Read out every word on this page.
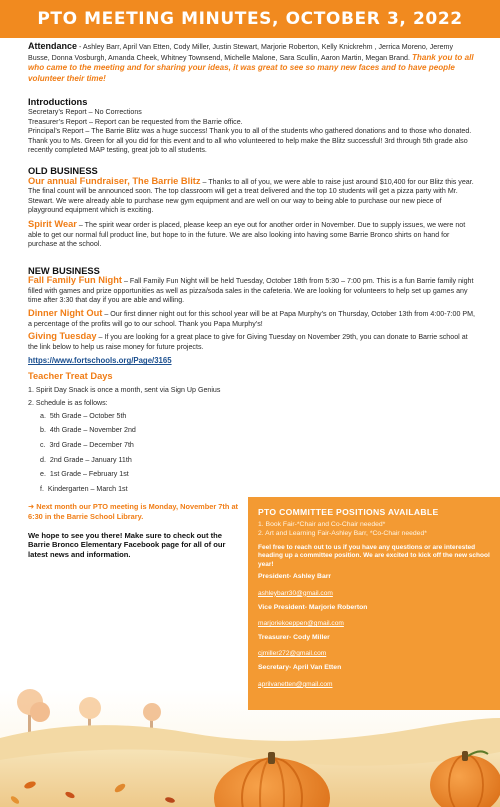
PTO MEETING MINUTES, OCTOBER 3, 2022

Attendance - Ashley Barr, April Van Etten, Cody Miller, Justin Stewart, Marjorie Roberton, Kelly Knickrehm , Jerrica Moreno, Jeremy Busse, Donna Vosburgh, Amanda Cheek, Whitney Townsend, Michelle Malone, Sara Scullin, Aaron Martin, Megan Brand. Thank you to all who came to the meeting and for sharing your ideas, it was great to see so many new faces and to have people volunteer their time!

Introductions

Secretary’s Report – No Corrections

Treasurer’s Report – Report can be requested from the Barrie office.

Principal’s Report – The Barrie Blitz was a huge success! Thank you to all of the students who gathered donations and to those who donated. Thank you to Ms. Green for all you did for this event and to all who volunteered to help make the Blitz successful! 3rd through 5th grade also recently completed MAP testing, great job to all students.

OLD BUSINESS

Our annual Fundraiser, The Barrie Blitz – Thanks to all of you, we were able to raise just around $10,400 for our Blitz this year. The final count will be announced soon. The top classroom will get a treat delivered and the top 10 students will get a pizza party with Mr. Stewart. We were already able to purchase new gym equipment and are well on our way to being able to purchase our new piece of playground equipment which is exciting.

Spirit Wear – The spirit wear order is placed, please keep an eye out for another order in November. Due to supply issues, we were not able to get our normal full product line, but hope to in the future. We are also looking into having some Barrie Bronco shirts on hand for purchase at the school.

NEW BUSINESS

Fall Family Fun Night – Fall Family Fun Night will be held Tuesday, October 18th from 5:30 – 7:00 pm. This is a fun Barrie family night filled with games and prize opportunities as well as pizza/soda sales in the cafeteria. We are looking for volunteers to help set up games any time after 3:30 that day if you are able and willing.

Dinner Night Out – Our first dinner night out for this school year will be at Papa Murphy’s on Thursday, October 13th from 4:00-7:00 PM, a percentage of the profits will go to our school. Thank you Papa Murphy’s!

Giving Tuesday – If you are looking for a great place to give for Giving Tuesday on November 29th, you can donate to Barrie school at the link below to help us raise money for future projects.

https://www.fortschools.org/Page/3165

Teacher Treat Days

1. Spirit Day Snack is once a month, sent via Sign Up Genius

2. Schedule is as follows:

a. 5th Grade – October 5th
b. 4th Grade – November 2nd
c. 3rd Grade – December 7th
d. 2nd Grade – January 11th
e. 1st Grade – February 1st
f. Kindergarten – March 1st

➜ Next month our PTO meeting is Monday, November 7th at 6:30 in the Barrie School Library.

We hope to see you there! Make sure to check out the Barrie Bronco Elementary Facebook page for all of our latest news and information.

PTO COMMITTEE POSITIONS AVAILABLE

1. Book Fair-*Chair and Co-Chair needed*

2. Art and Learning Fair-Ashley Barr, *Co-Chair needed*

Feel free to reach out to us if you have any questions or are interested heading up a committee position. We are excited to kick off the new school year!

President- Ashley Barr

ashleybarr30@gmail.com

Vice President- Marjorie Roberton

marjoriekoeppen@gmail.com

Treasurer- Cody Miller

cjmiller272@gmail.com

Secretary- April Van Etten

aprilvanetten@gmail.com
